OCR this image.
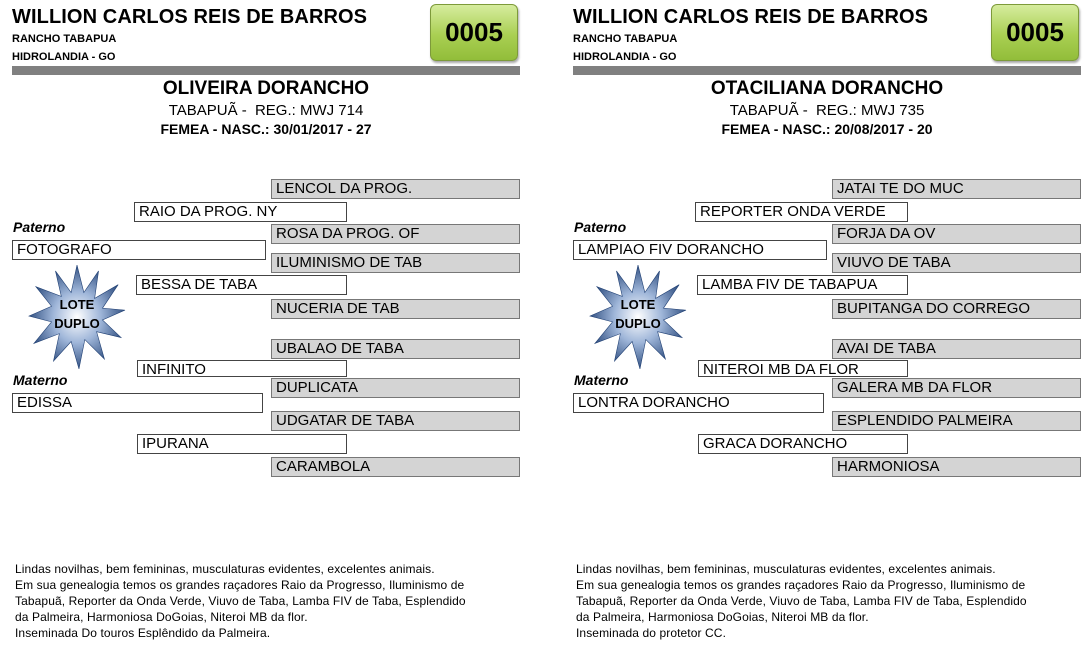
WILLION CARLOS REIS DE BARROS
RANCHO TABAPUA
HIDROLANDIA - GO
0005
OLIVEIRA DORANCHO
TABAPUÃ - REG.: MWJ 714
FEMEA - NASC.: 30/01/2017 - 27
LENCOL DA PROG.
RAIO DA PROG. NY
Paterno	ROSA DA PROG. OF
FOTOGRAFO
ILUMINISMO DE TAB
BESSA DE TABA
NUCERIA DE TAB
UBALAO DE TABA
INFINITO
Materno	DUPLICATA
EDISSA
UDGATAR DE TABA
IPURANA
CARAMBOLA
LOTE
DUPLO
Lindas novilhas, bem femininas, musculaturas evidentes, excelentes animais.
Em sua genealogia temos os grandes raçadores Raio da Progresso, Iluminismo de
Tabapuã, Reporter da Onda Verde, Viuvo de Taba, Lamba FIV de Taba, Esplendido
da Palmeira, Harmoniosa DoGoias, Niteroi MB da flor.
Inseminada Do touros Esplêndido da Palmeira.
WILLION CARLOS REIS DE BARROS
RANCHO TABAPUA
HIDROLANDIA - GO
0005
OTACILIANA DORANCHO
TABAPUÃ - REG.: MWJ 735
FEMEA - NASC.: 20/08/2017 - 20
JATAI TE DO MUC
REPORTER ONDA VERDE
Paterno	FORJA DA OV
LAMPIAO FIV DORANCHO
VIUVO DE TABA
LAMBA FIV DE TABAPUA
BUPITANGA DO CORREGO
AVAI DE TABA
NITEROI MB DA FLOR
Materno	GALERA MB DA FLOR
LONTRA DORANCHO
ESPLENDIDO PALMEIRA
GRACA DORANCHO
HARMONIOSA
LOTE
DUPLO
Lindas novilhas, bem femininas, musculaturas evidentes, excelentes animais.
Em sua genealogia temos os grandes raçadores Raio da Progresso, Iluminismo de
Tabapuã, Reporter da Onda Verde, Viuvo de Taba, Lamba FIV de Taba, Esplendido
da Palmeira, Harmoniosa DoGoias, Niteroi MB da flor.
Inseminada do protetor CC.
